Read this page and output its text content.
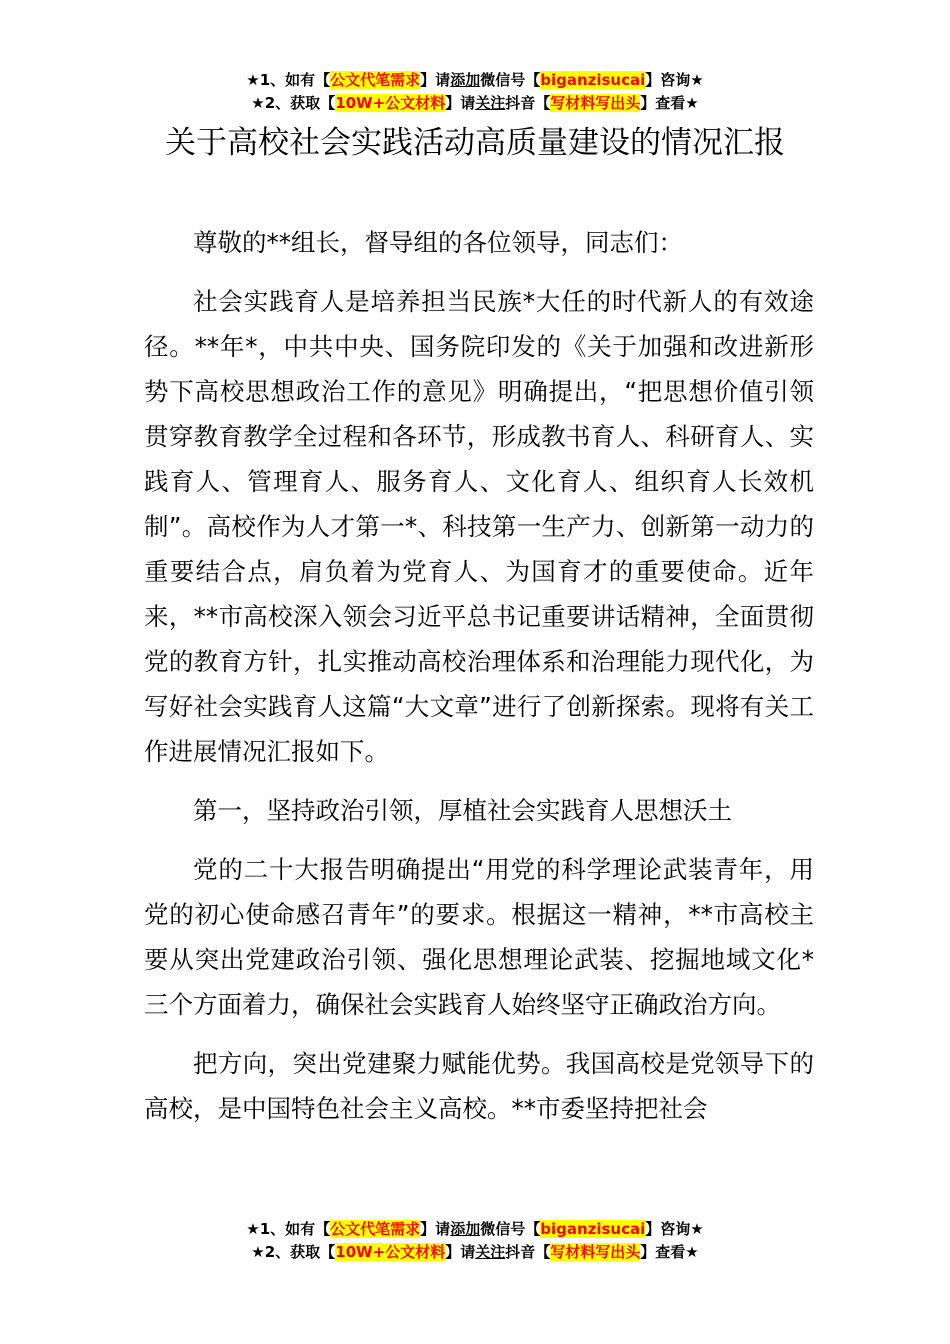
★1、如有【公文代笔需求】请添加微信号【biganzisucai】咨询★
★2、获取【10W+公文材料】请关注抖音【写材料写出头】查看★
关于高校社会实践活动高质量建设的情况汇报

尊敬的**组长，督导组的各位领导，同志们：

社会实践育人是培养担当民族*大任的时代新人的有效途径。**年*，中共中央、国务院印发的《关于加强和改进新形势下高校思想政治工作的意见》明确提出，“把思想价值引领贯穿教育教学全过程和各环节，形成教书育人、科研育人、实践育人、管理育人、服务育人、文化育人、组织育人长效机制”。高校作为人才第一*、科技第一生产力、创新第一动力的重要结合点，肩负着为党育人、为国育才的重要使命。近年来，**市高校深入领会习近平总书记重要讲话精神，全面贯彻党的教育方针，扎实推动高校治理体系和治理能力现代化，为写好社会实践育人这篇“大文章”进行了创新探索。现将有关工作进展情况汇报如下。

第一，坚持政治引领，厚植社会实践育人思想沃土

党的二十大报告明确提出“用党的科学理论武装青年，用党的初心使命感召青年”的要求。根据这一精神，**市高校主要从突出党建政治引领、强化思想理论武装、挖掘地域文化*三个方面着力，确保社会实践育人始终坚守正确政治方向。

把方向，突出党建聚力赋能优势。我国高校是党领导下的高校，是中国特色社会主义高校。**市委坚持把社会

★1、如有【公文代笔需求】请添加微信号【biganzisucai】咨询★
★2、获取【10W+公文材料】请关注抖音【写材料写出头】查看★
